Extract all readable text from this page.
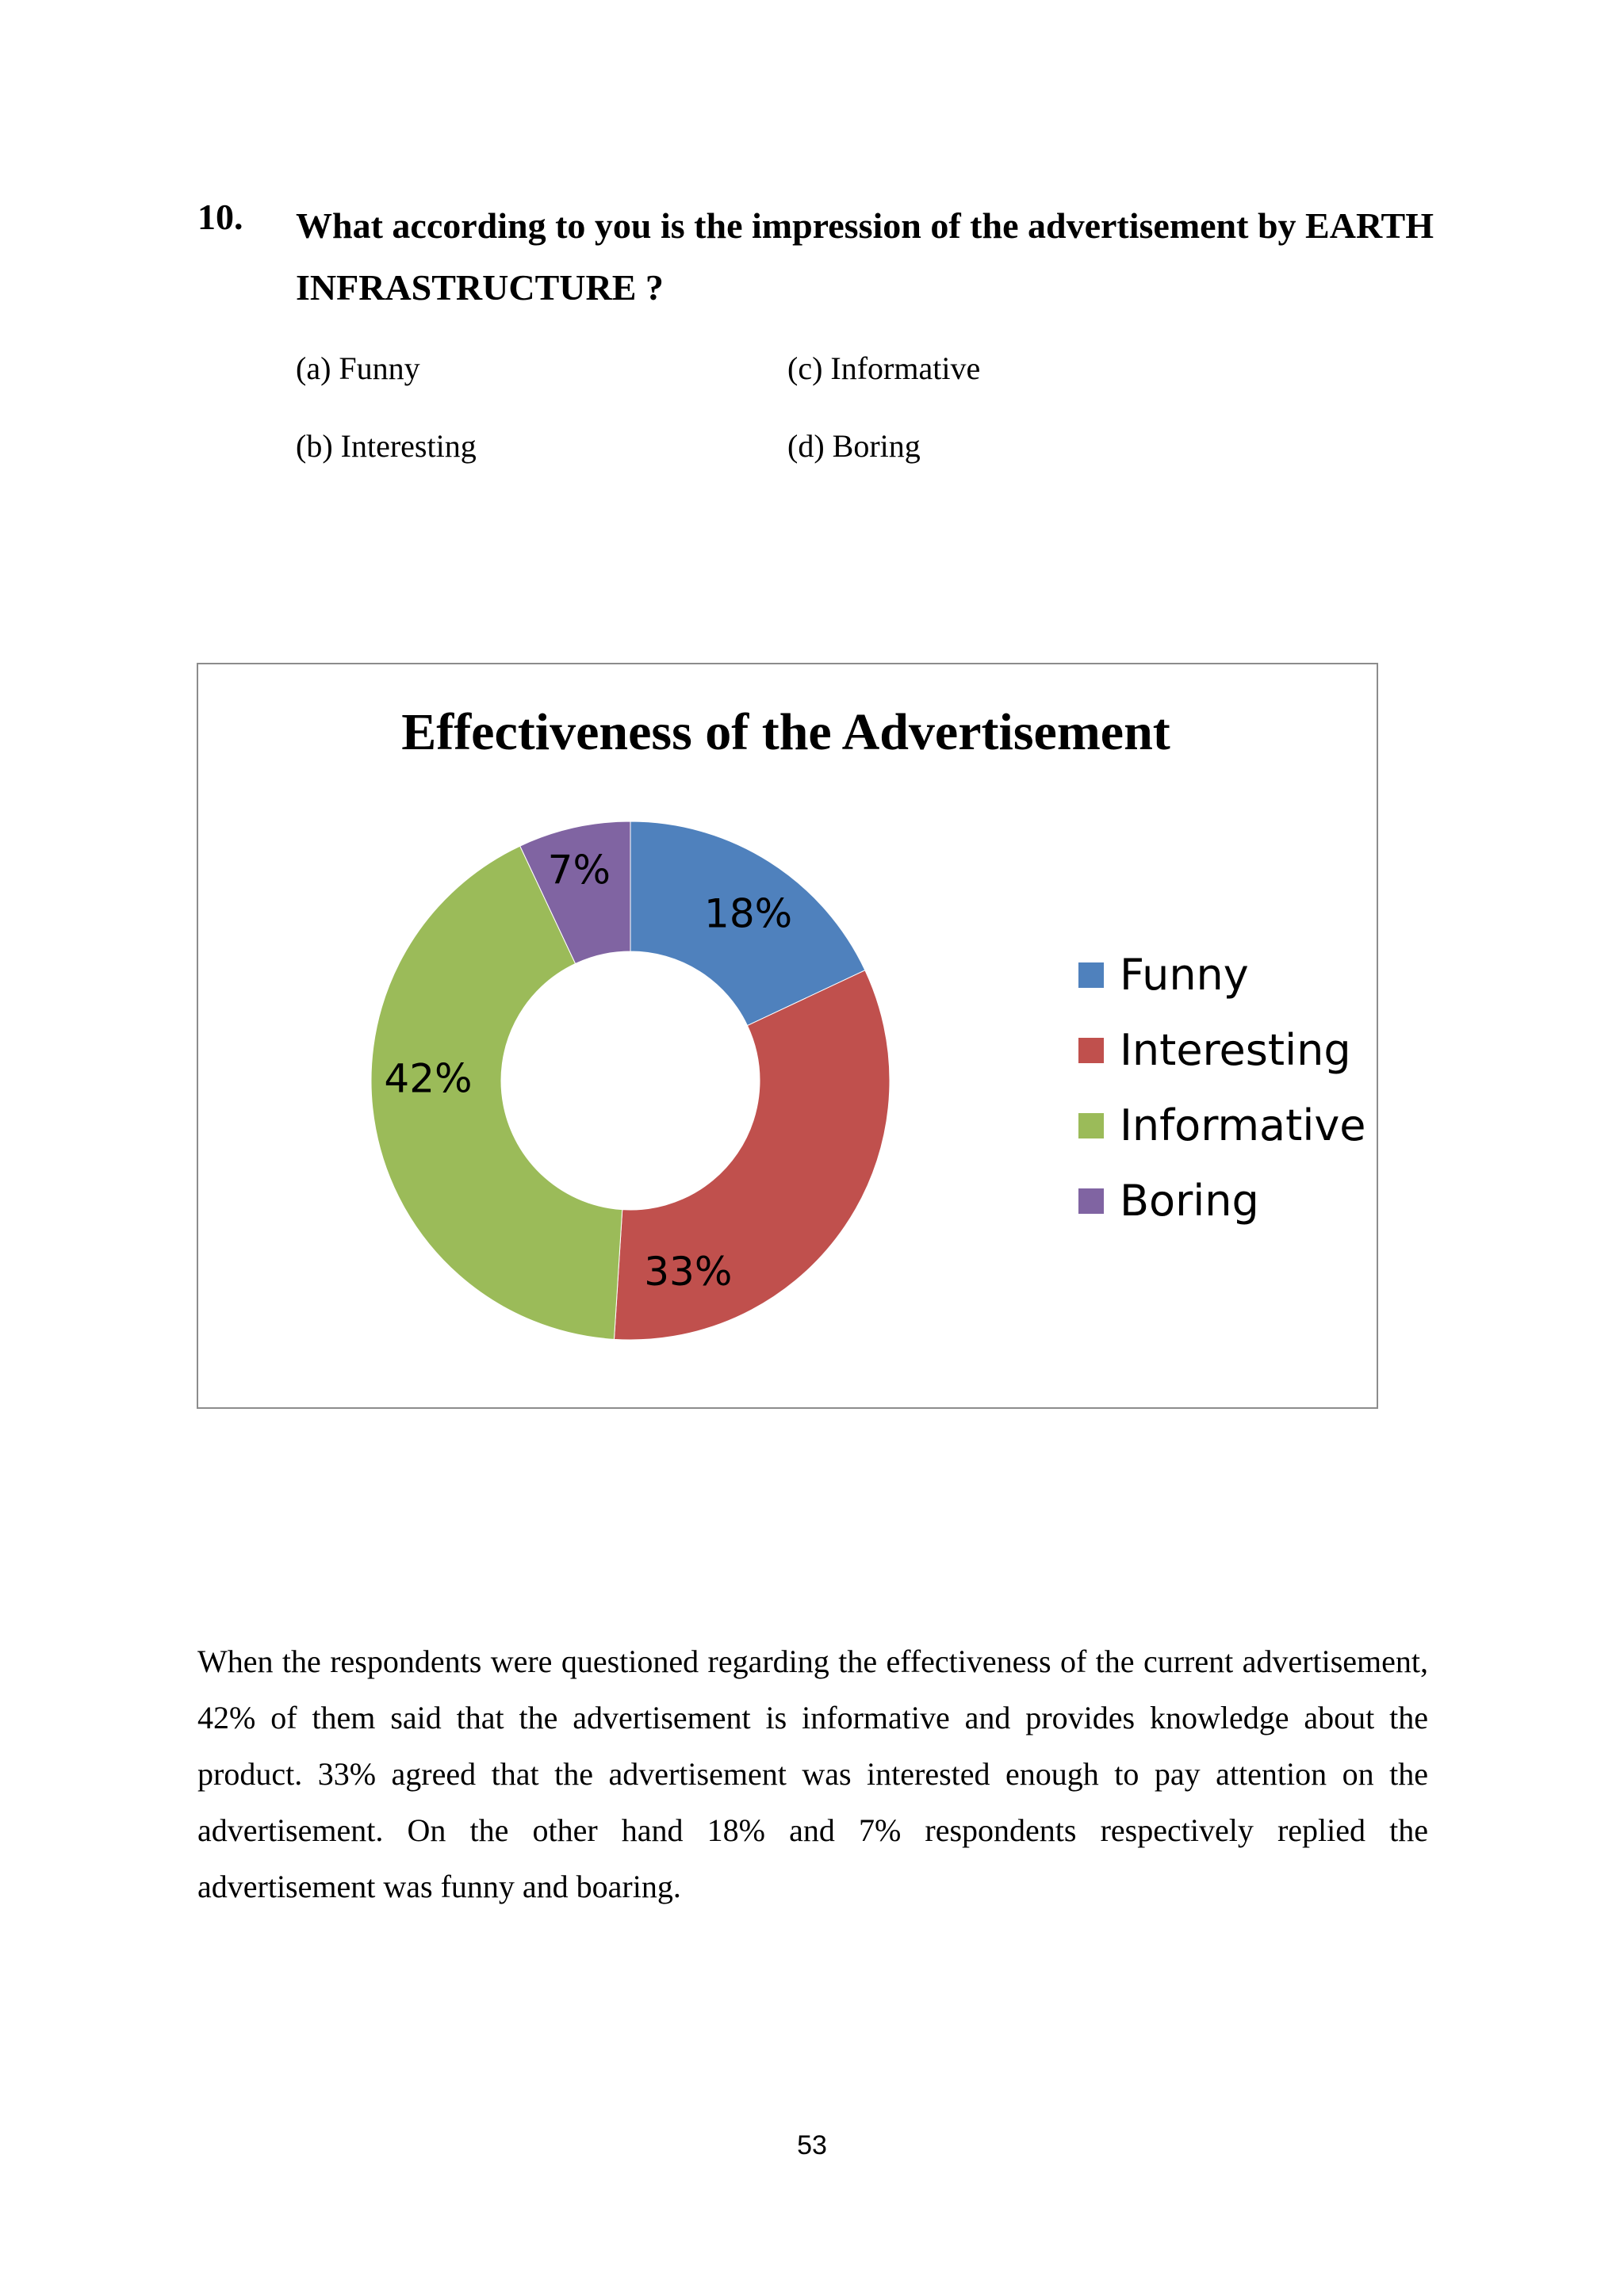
10. What according to you is the impression of the advertisement by EARTH INFRASTRUCTURE ?
(a) Funny	(c) Informative
(b) Interesting	(d) Boring
Effectiveness of the Advertisement
18%
33%
42%
7%
Funny
Interesting
Informative
Boring
When the respondents were questioned regarding the effectiveness of the current advertisement, 42% of them said that the advertisement is informative and provides knowledge about the product. 33% agreed that the advertisement was interested enough to pay attention on the advertisement. On the other hand 18% and 7% respondents respectively replied the advertisement was funny and boaring.
53
